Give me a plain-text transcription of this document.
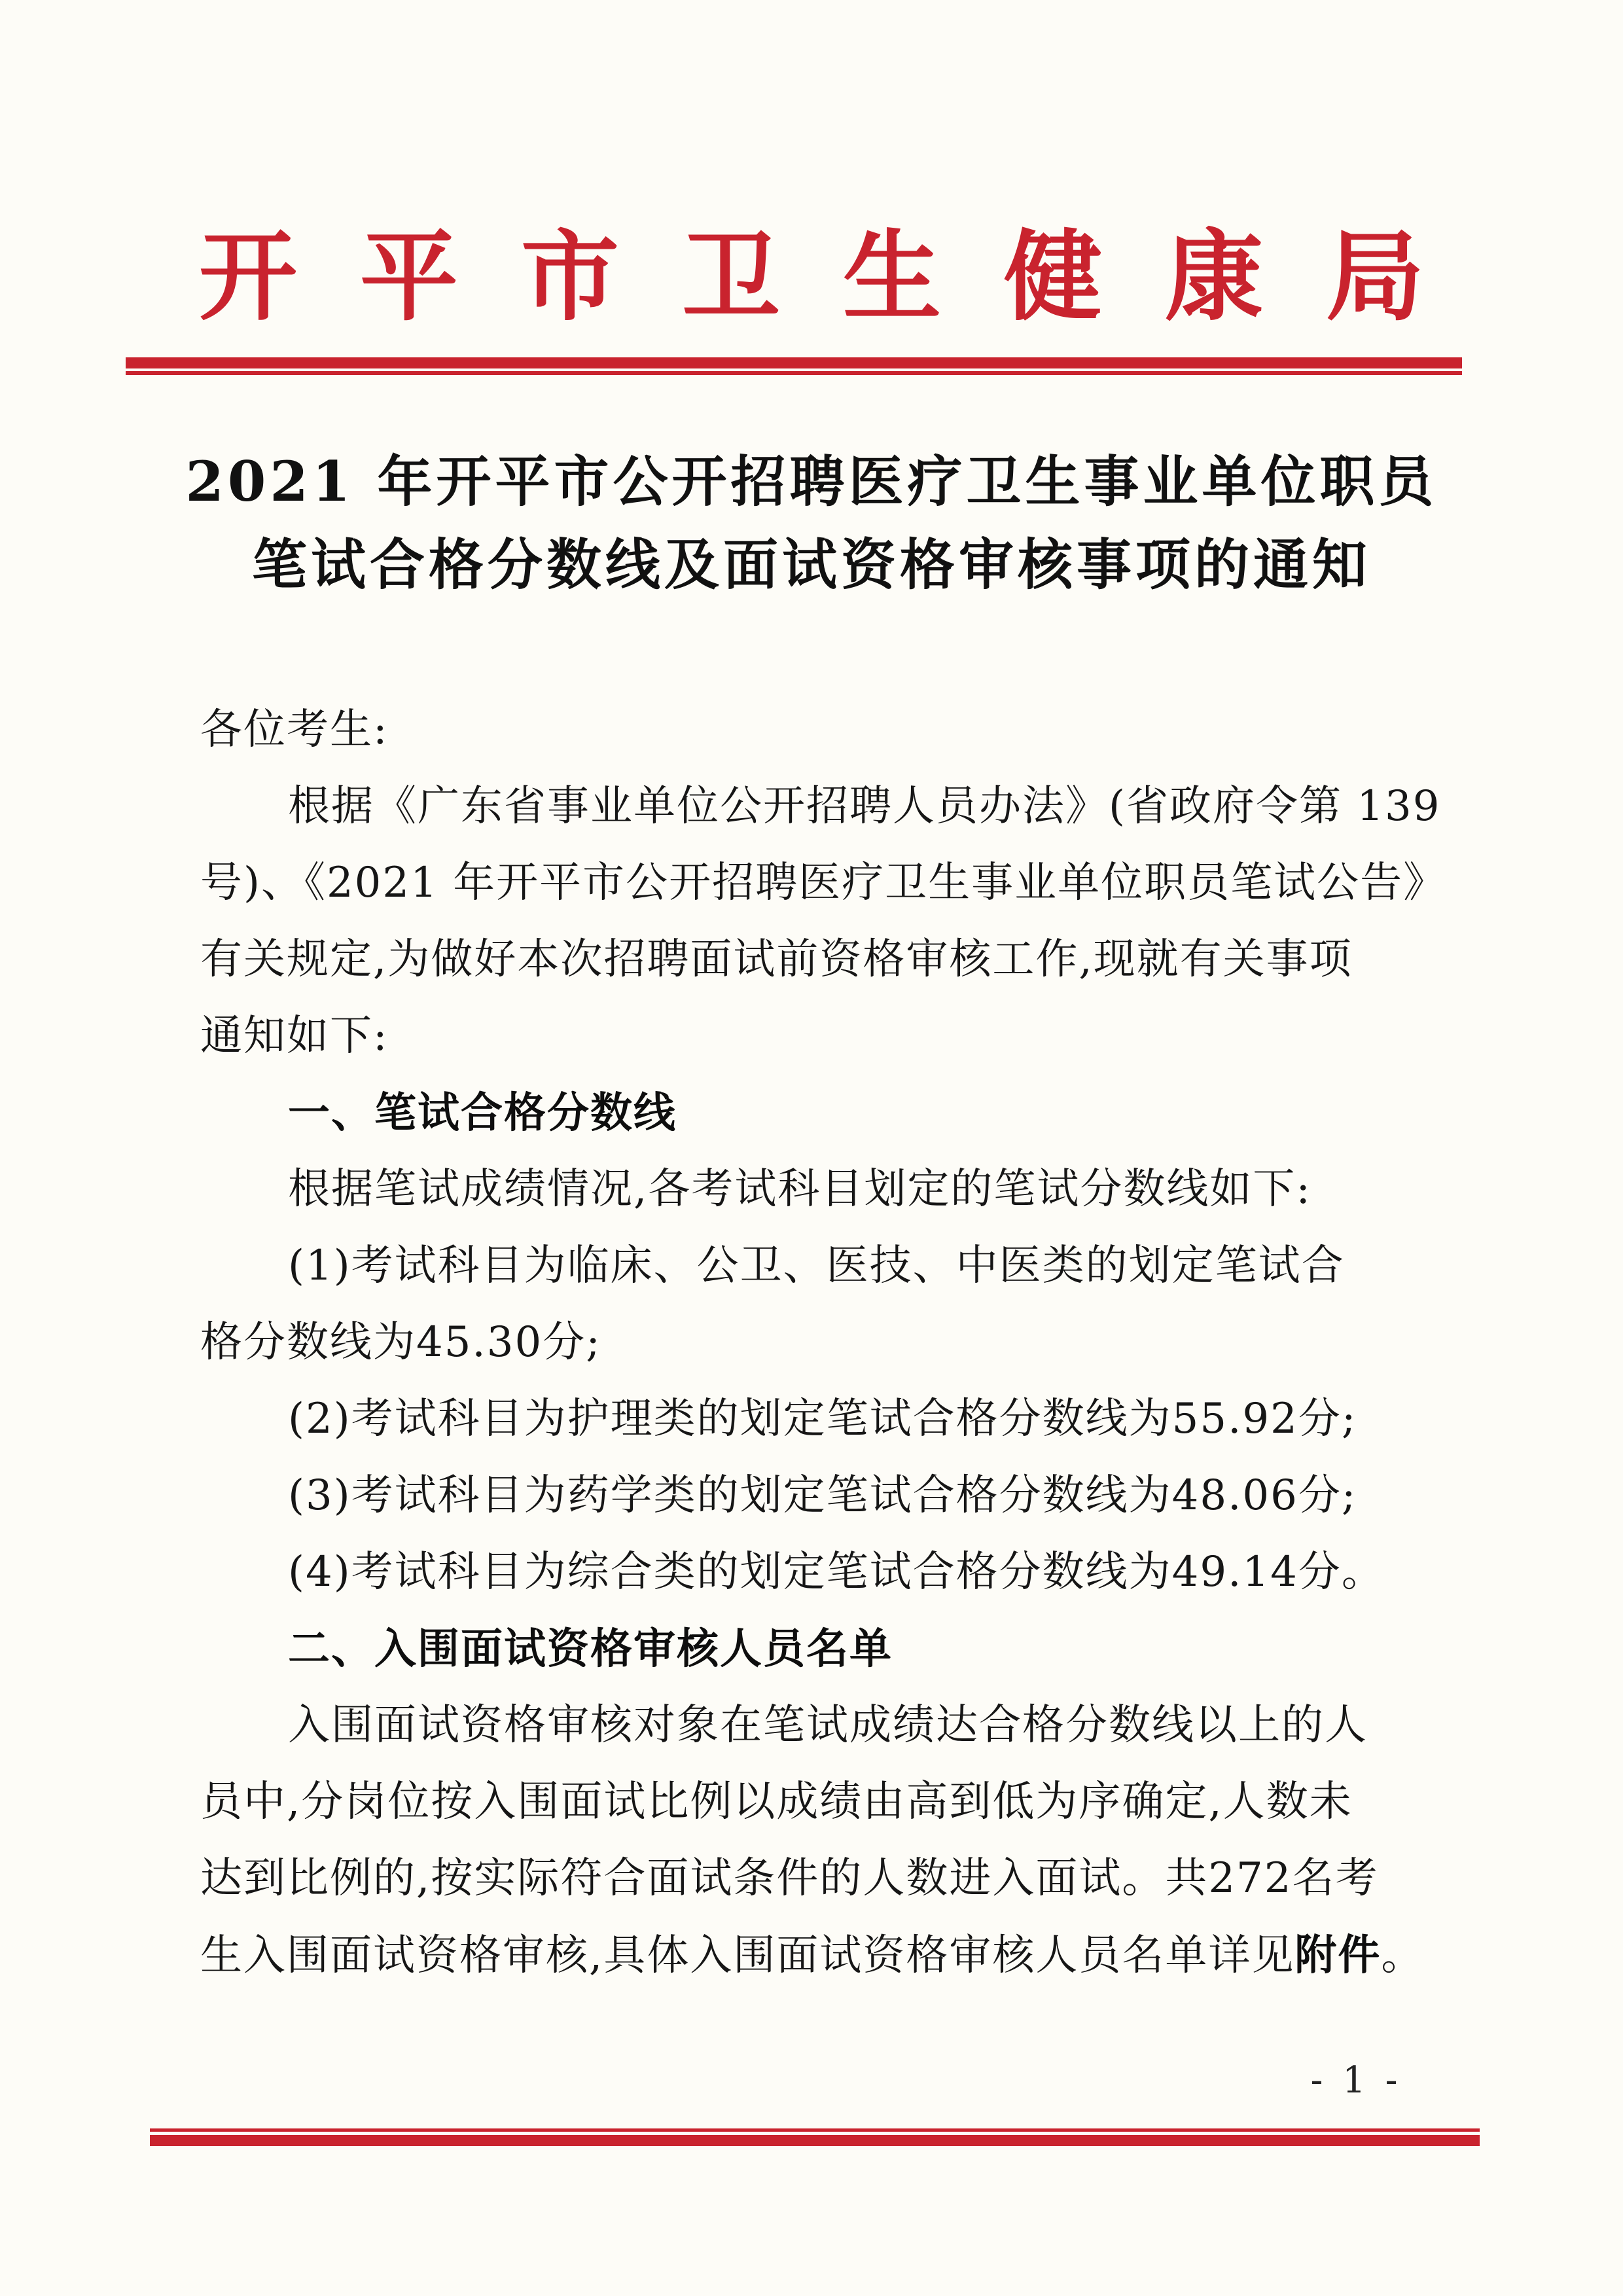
开平市卫生健康局
2021 年开平市公开招聘医疗卫生事业单位职员
笔试合格分数线及面试资格审核事项的通知
各位考生:
根据《广东省事业单位公开招聘人员办法》(省政府令第 139
号)、《2021 年开平市公开招聘医疗卫生事业单位职员笔试公告》
有关规定,为做好本次招聘面试前资格审核工作,现就有关事项
通知如下:
一、笔试合格分数线
根据笔试成绩情况,各考试科目划定的笔试分数线如下:
(1)考试科目为临床、公卫、医技、中医类的划定笔试合
格分数线为45.30分;
(2)考试科目为护理类的划定笔试合格分数线为55.92分;
(3)考试科目为药学类的划定笔试合格分数线为48.06分;
(4)考试科目为综合类的划定笔试合格分数线为49.14分。
二、入围面试资格审核人员名单
入围面试资格审核对象在笔试成绩达合格分数线以上的人
员中,分岗位按入围面试比例以成绩由高到低为序确定,人数未
达到比例的,按实际符合面试条件的人数进入面试。共272名考
生入围面试资格审核,具体入围面试资格审核人员名单详见附件。
- 1 -
